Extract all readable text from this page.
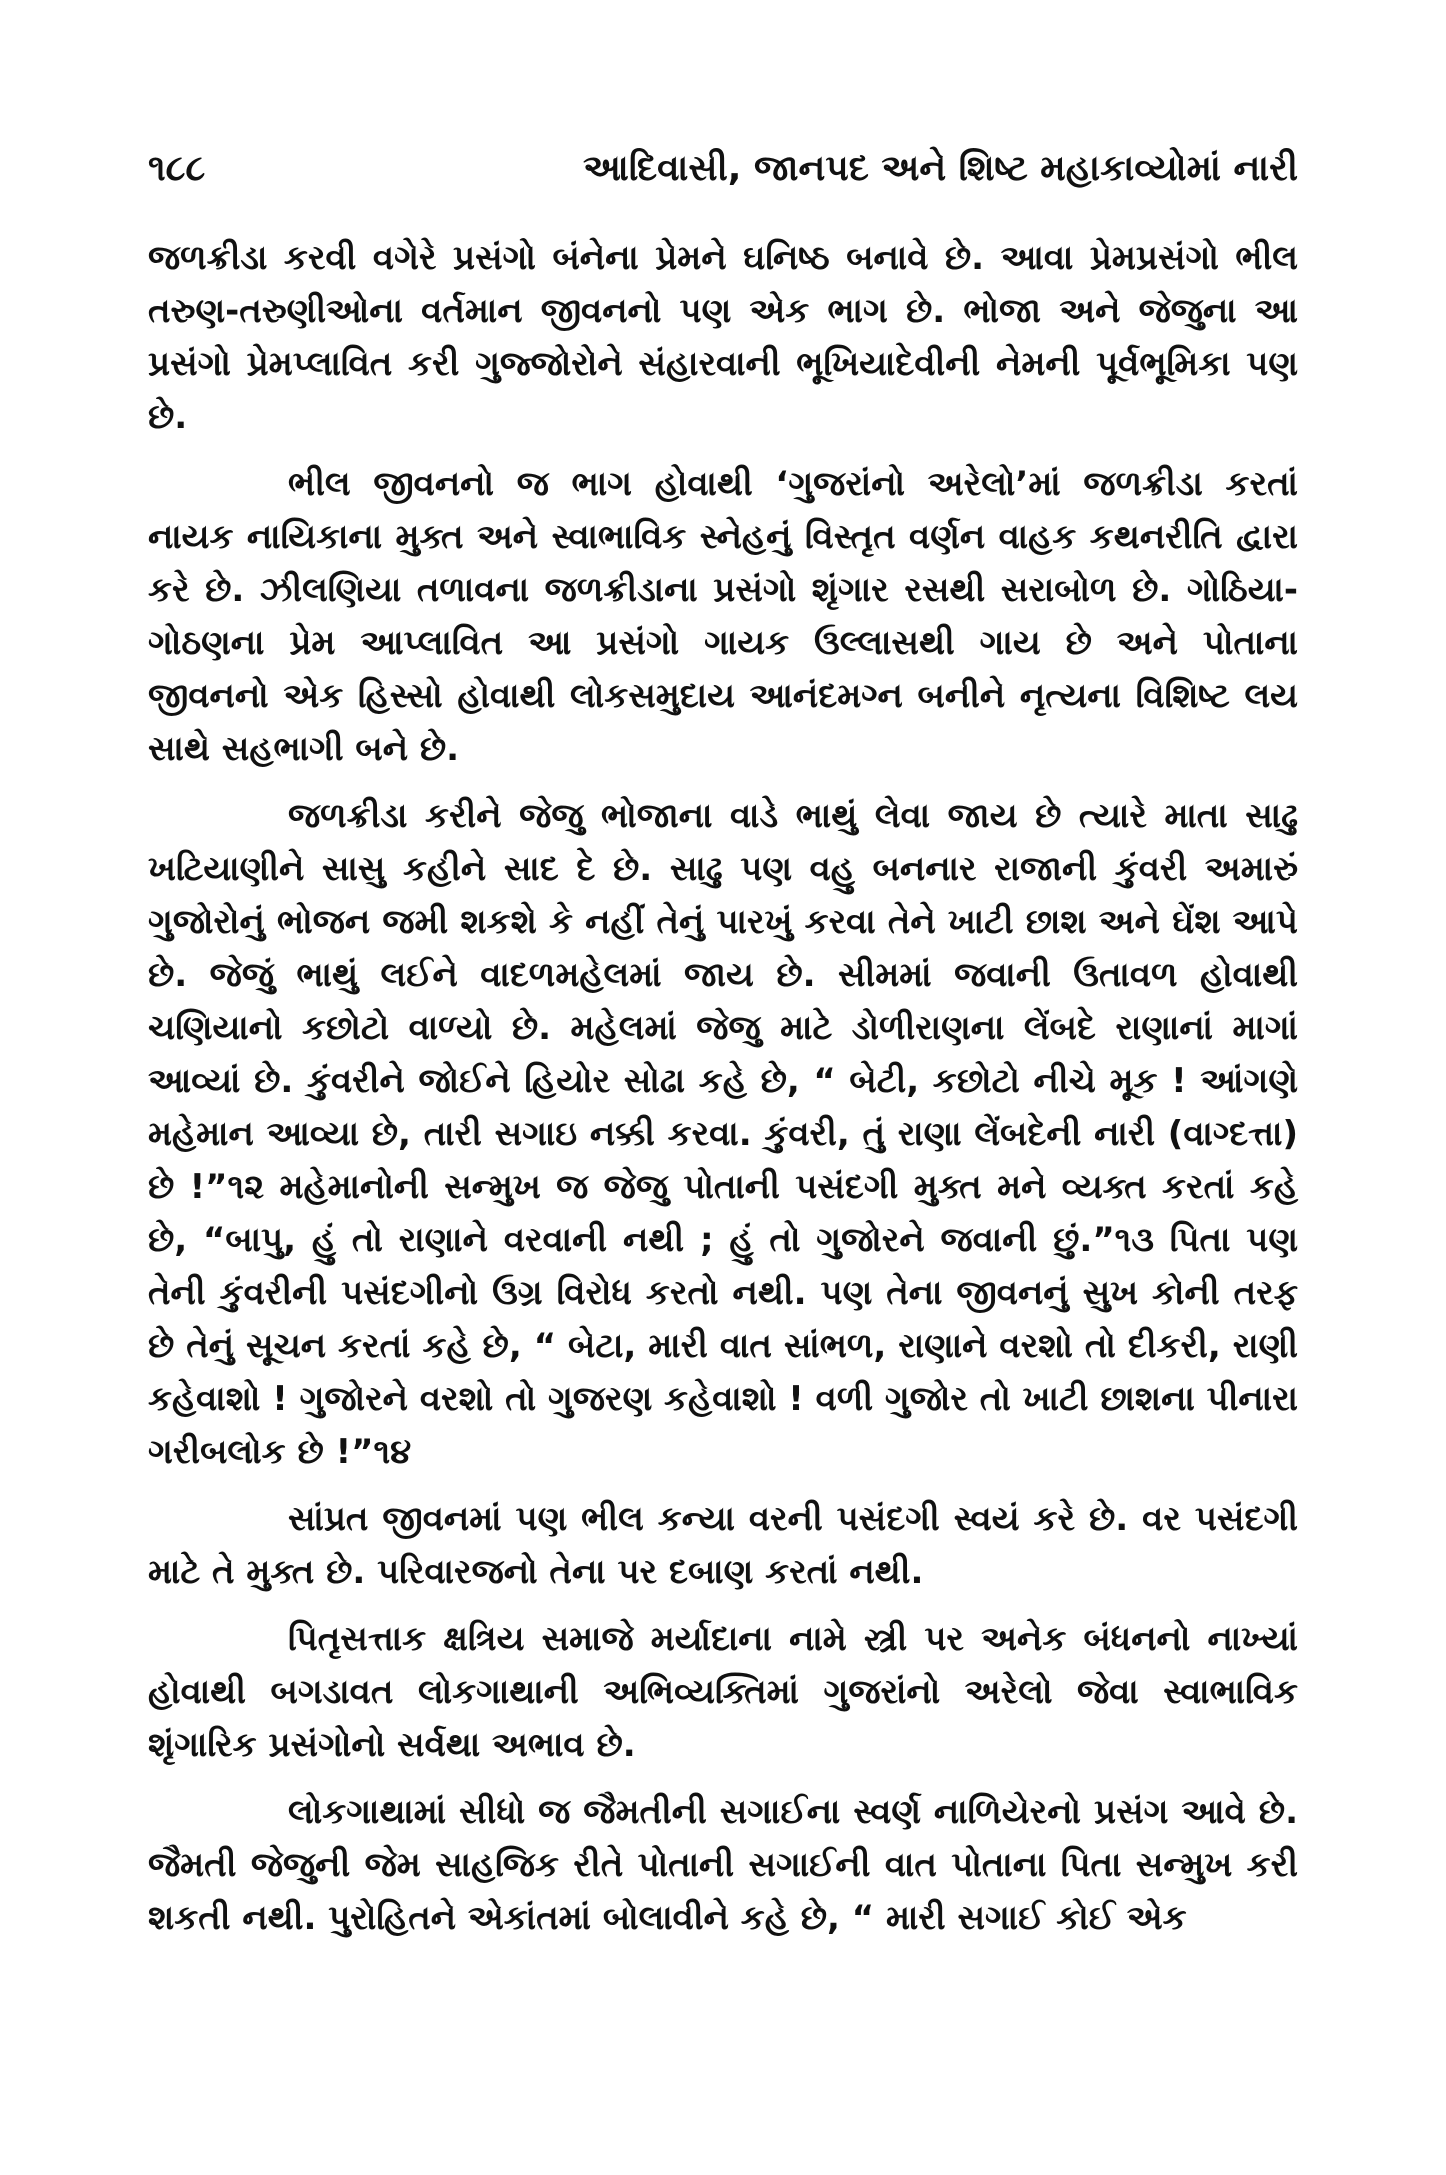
૧૮૮	આદિવાસી, જાનપદ અને શિષ્ટ મહાકાવ્યોમાં નારી

જળક્રીડા કરવી વગેરે પ્રસંગો બંનેના પ્રેમને ઘનિષ્ઠ બનાવે છે. આવા પ્રેમપ્રસંગો ભીલ તરુણ-તરુણીઓના વર્તમાન જીવનનો પણ એક ભાગ છે. ભોજા અને જેજુના આ પ્રસંગો પ્રેમપ્લાવિત કરી ગુજ્જોરોને સંહારવાની ભૂખિયાદેવીની નેમની પૂર્વભૂમિકા પણ છે.

ભીલ જીવનનો જ ભાગ હોવાથી ‘ગુજરાંનો અરેલો’માં જળક્રીડા કરતાં નાયક નાયિકાના મુક્ત અને સ્વાભાવિક સ્નેહનું વિસ્તૃત વર્ણન વાહક કથનરીતિ દ્વારા કરે છે. ઝીલણિયા તળાવના જળક્રીડાના પ્રસંગો શૃંગાર રસથી સરાબોળ છે. ગોઠિયા-ગોઠણના પ્રેમ આપ્લાવિત આ પ્રસંગો ગાયક ઉલ્લાસથી ગાય છે અને પોતાના જીવનનો એક હિસ્સો હોવાથી લોકસમુદાય આનંદમગ્ન બનીને નૃત્યના વિશિષ્ટ લય સાથે સહભાગી બને છે.

જળક્રીડા કરીને જેજુ ભોજાના વાડે ભાથું લેવા જાય છે ત્યારે માતા સાઢુ ખટિયાણીને સાસુ કહીને સાદ દે છે. સાઢુ પણ વહુ બનનાર રાજાની કુંવરી અમારું ગુજોરોનું ભોજન જમી શકશે કે નહીં તેનું પારખું કરવા તેને ખાટી છાશ અને ઘેંશ આપે છે. જેજું ભાથું લઈને વાદળમહેલમાં જાય છે. સીમમાં જવાની ઉતાવળ હોવાથી ચણિયાનો કછોટો વાળ્યો છે. મહેલમાં જેજુ માટે ડોળીરાણના લેંબદે રાણાનાં માગાં આવ્યાં છે. કુંવરીને જોઈને હિયોર સોઢા કહે છે, “ બેટી, કછોટો નીચે મૂક ! આંગણે મહેમાન આવ્યા છે, તારી સગાઇ નક્કી કરવા. કુંવરી, તું રાણા લેંબદેની નારી (વાગ્દત્તા) છે !”૧૨ મહેમાનોની સન્મુખ જ જેજુ પોતાની પસંદગી મુક્ત મને વ્યક્ત કરતાં કહે છે, “બાપુ, હું તો રાણાને વરવાની નથી ; હું તો ગુજોરને જવાની છું.”૧૩ પિતા પણ તેની કુંવરીની પસંદગીનો ઉગ્ર વિરોધ કરતો નથી. પણ તેના જીવનનું સુખ કોની તરફ છે તેનું સૂચન કરતાં કહે છે, “ બેટા, મારી વાત સાંભળ, રાણાને વરશો તો દીકરી, રાણી કહેવાશો ! ગુજોરને વરશો તો ગુજરણ કહેવાશો ! વળી ગુજોર તો ખાટી છાશના પીનારા ગરીબલોક છે !”૧૪

સાંપ્રત જીવનમાં પણ ભીલ કન્યા વરની પસંદગી સ્વયં કરે છે. વર પસંદગી માટે તે મુક્ત છે. પરિવારજનો તેના પર દબાણ કરતાં નથી.

પિતૃસત્તાક ક્ષત્રિય સમાજે મર્યાદાના નામે સ્ત્રી પર અનેક બંધનનો નાખ્યાં હોવાથી બગડાવત લોકગાથાની અભિવ્યક્તિમાં ગુજરાંનો અરેલો જેવા સ્વાભાવિક શૃંગારિક પ્રસંગોનો સર્વથા અભાવ છે.

લોકગાથામાં સીધો જ જૈમતીની સગાઈના સ્વર્ણ નાળિયેરનો પ્રસંગ આવે છે. જૈમતી જેજુની જેમ સાહજિક રીતે પોતાની સગાઈની વાત પોતાના પિતા સન્મુખ કરી શકતી નથી. પુરોહિતને એકાંતમાં બોલાવીને કહે છે, “ મારી સગાઈ કોઈ એક
